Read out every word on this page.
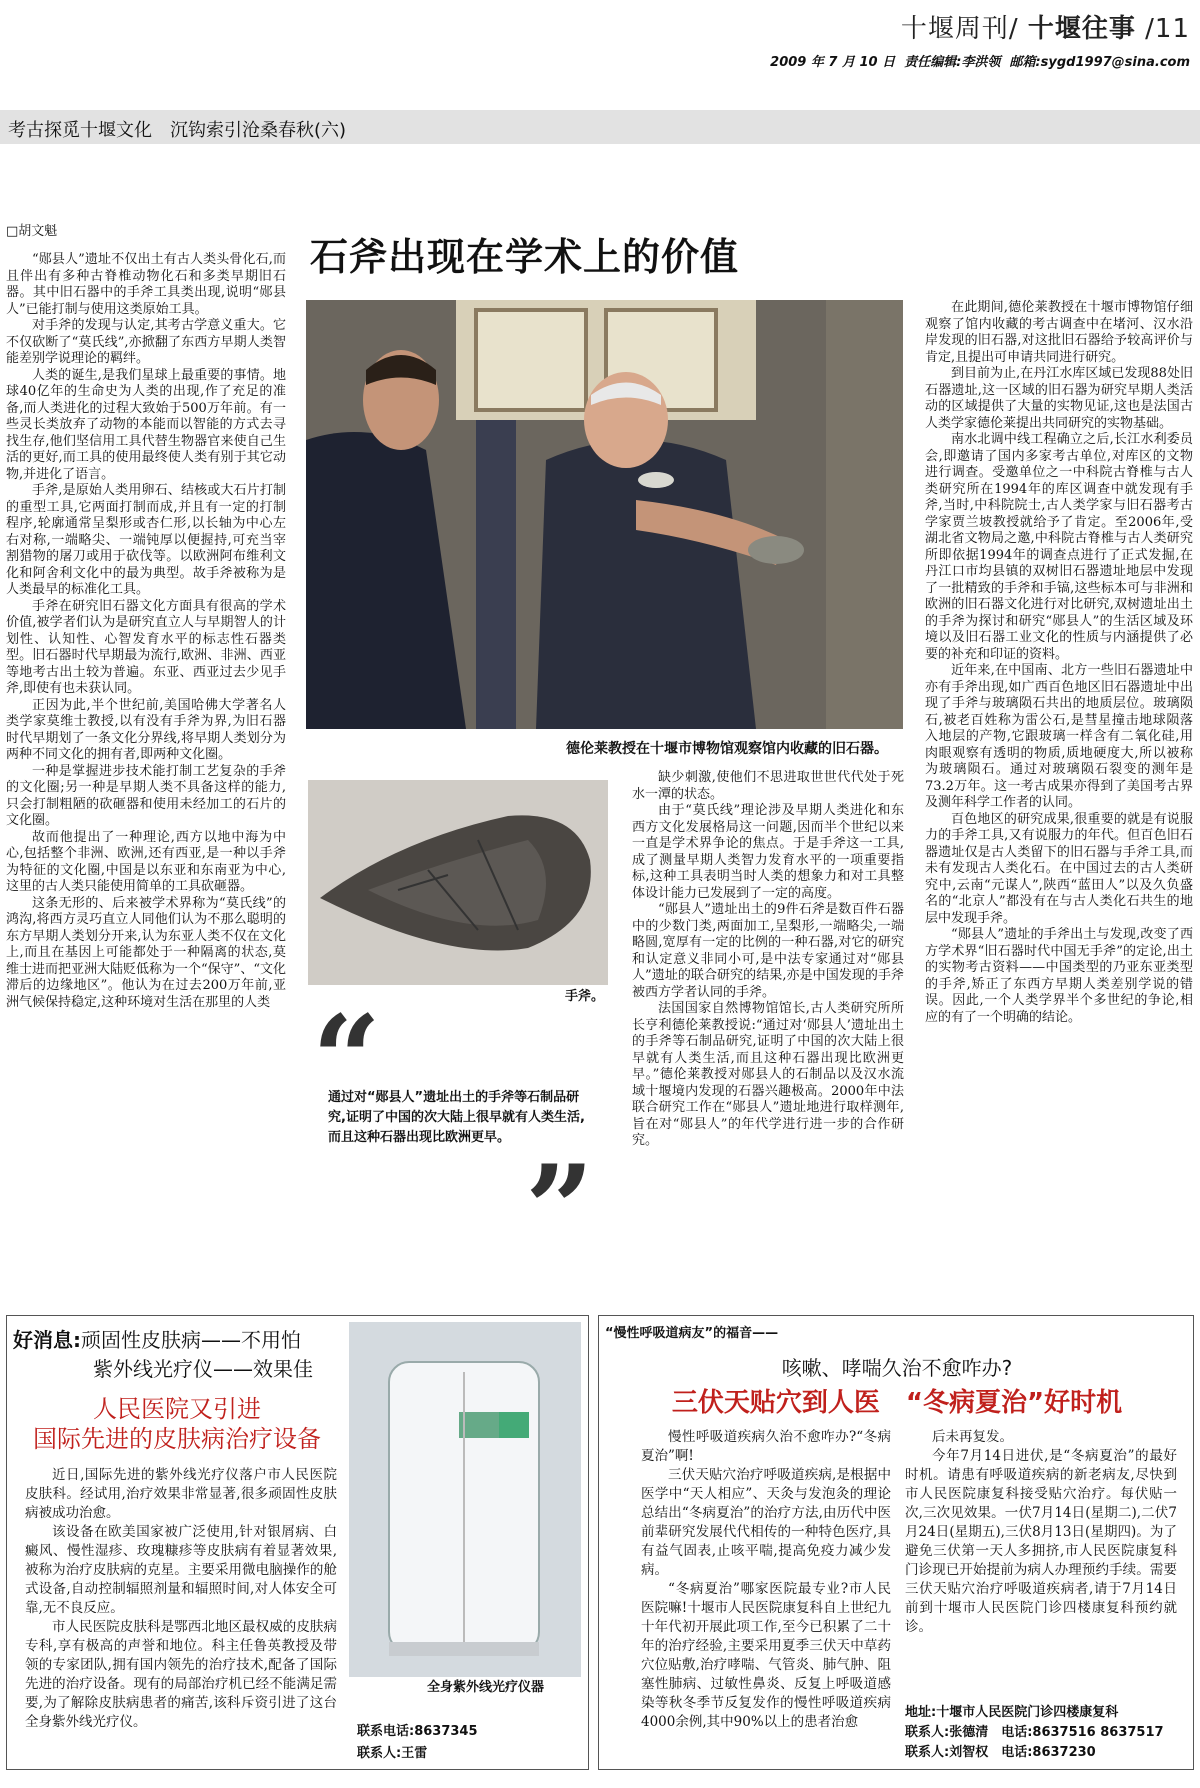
十堰周刊/ 十堰往事 /11
2009 年 7 月 10 日 责任编辑:李洪领 邮箱:sygd1997@sina.com
考古探觅十堰文化　沉钩索引沧桑春秋(六)
□胡文魁
石斧出现在学术上的价值

“郧县人”遗址不仅出土有古人类头骨化石,而且伴出有多种古脊椎动物化石和多类早期旧石器。其中旧石器中的手斧工具类出现,说明“郧县人”已能打制与使用这类原始工具。

对手斧的发现与认定,其考古学意义重大。它不仅砍断了“莫氏线”,亦掀翻了东西方早期人类智能差别学说理论的羁绊。

人类的诞生,是我们星球上最重要的事情。地球40亿年的生命史为人类的出现,作了充足的准备,而人类进化的过程大致始于500万年前。有一些灵长类放弃了动物的本能而以智能的方式去寻找生存,他们坚信用工具代替生物器官来使自己生活的更好,而工具的使用最终使人类有别于其它动物,并进化了语言。

手斧,是原始人类用卵石、结核或大石片打制的重型工具,它两面打制而成,并且有一定的打制程序,轮廓通常呈梨形或杏仁形,以长轴为中心左右对称,一端略尖、一端钝厚以便握持,可充当宰割猎物的屠刀或用于砍伐等。以欧洲阿布维利文化和阿舍利文化中的最为典型。故手斧被称为是人类最早的标准化工具。

手斧在研究旧石器文化方面具有很高的学术价值,被学者们认为是研究直立人与早期智人的计划性、认知性、心智发育水平的标志性石器类型。旧石器时代早期最为流行,欧洲、非洲、西亚等地考古出土较为普遍。东亚、西亚过去少见手斧,即使有也未获认同。

正因为此,半个世纪前,美国哈佛大学著名人类学家莫维士教授,以有没有手斧为界,为旧石器时代早期划了一条文化分界线,将早期人类划分为两种不同文化的拥有者,即两种文化圈。

一种是掌握进步技术能打制工艺复杂的手斧的文化圈;另一种是早期人类不具备这样的能力,只会打制粗陋的砍砸器和使用未经加工的石片的文化圈。

故而他提出了一种理论,西方以地中海为中心,包括整个非洲、欧洲,还有西亚,是一种以手斧为特征的文化圈,中国是以东亚和东南亚为中心,这里的古人类只能使用简单的工具砍砸器。

这条无形的、后来被学术界称为“莫氏线”的鸿沟,将西方灵巧直立人同他们认为不那么聪明的东方早期人类划分开来,认为东亚人类不仅在文化上,而且在基因上可能都处于一种隔离的状态,莫维士进而把亚洲大陆贬低称为一个“保守”、“文化滞后的边缘地区”。他认为在过去200万年前,亚洲气候保持稳定,这种环境对生活在那里的人类

德伦莱教授在十堰市博物馆观察馆内收藏的旧石器。
手斧。
“
通过对“郧县人”遗址出土的手斧等石制品研究,证明了中国的次大陆上很早就有人类生活,而且这种石器出现比欧洲更早。
”

缺少刺激,使他们不思进取世世代代处于死水一潭的状态。

由于“莫氏线”理论涉及早期人类进化和东西方文化发展格局这一问题,因而半个世纪以来一直是学术界争论的焦点。于是手斧这一工具,成了测量早期人类智力发育水平的一项重要指标,这种工具表明当时人类的想象力和对工具整体设计能力已发展到了一定的高度。

“郧县人”遗址出土的9件石斧是数百件石器中的少数门类,两面加工,呈梨形,一端略尖,一端略圆,宽厚有一定的比例的一种石器,对它的研究和认定意义非同小可,是中法专家通过对“郧县人”遗址的联合研究的结果,亦是中国发现的手斧被西方学者认同的手斧。

法国国家自然博物馆馆长,古人类研究所所长亨利德伦莱教授说:“通过对‘郧县人’遗址出土的手斧等石制品研究,证明了中国的次大陆上很早就有人类生活,而且这种石器出现比欧洲更早。”德伦莱教授对郧县人的石制品以及汉水流域十堰境内发现的石器兴趣极高。2000年中法联合研究工作在“郧县人”遗址地进行取样测年,旨在对“郧县人”的年代学进行进一步的合作研究。

在此期间,德伦莱教授在十堰市博物馆仔细观察了馆内收藏的考古调查中在堵河、汉水沿岸发现的旧石器,对这批旧石器给予较高评价与肯定,且提出可申请共同进行研究。

到目前为止,在丹江水库区域已发现88处旧石器遗址,这一区域的旧石器为研究早期人类活动的区域提供了大量的实物见证,这也是法国古人类学家德伦莱提出共同研究的实物基础。

南水北调中线工程确立之后,长江水利委员会,即邀请了国内多家考古单位,对库区的文物进行调查。受邀单位之一中科院古脊椎与古人类研究所在1994年的库区调查中就发现有手斧,当时,中科院院士,古人类学家与旧石器考古学家贾兰坡教授就给予了肯定。至2006年,受湖北省文物局之邀,中科院古脊椎与古人类研究所即依据1994年的调查点进行了正式发掘,在丹江口市均县镇的双树旧石器遗址地层中发现了一批精致的手斧和手镐,这些标本可与非洲和欧洲的旧石器文化进行对比研究,双树遗址出土的手斧为探讨和研究“郧县人”的生活区域及环境以及旧石器工业文化的性质与内涵提供了必要的补充和印证的资料。

近年来,在中国南、北方一些旧石器遗址中亦有手斧出现,如广西百色地区旧石器遗址中出现了手斧与玻璃陨石共出的地质层位。玻璃陨石,被老百姓称为雷公石,是彗星撞击地球陨落入地层的产物,它跟玻璃一样含有二氧化硅,用肉眼观察有透明的物质,质地硬度大,所以被称为玻璃陨石。通过对玻璃陨石裂变的测年是73.2万年。这一考古成果亦得到了美国考古界及测年科学工作者的认同。

百色地区的研究成果,很重要的就是有说服力的手斧工具,又有说服力的年代。但百色旧石器遗址仅是古人类留下的旧石器与手斧工具,而未有发现古人类化石。在中国过去的古人类研究中,云南“元谋人”,陕西“蓝田人”以及久负盛名的“北京人”都没有在与古人类化石共生的地层中发现手斧。

“郧县人”遗址的手斧出土与发现,改变了西方学术界“旧石器时代中国无手斧”的定论,出土的实物考古资料——中国类型的乃亚东亚类型的手斧,矫正了东西方早期人类差别学说的错误。因此,一个人类学界半个多世纪的争论,相应的有了一个明确的结论。

好消息:顽固性皮肤病——不用怕
紫外线光疗仪——效果佳
人民医院又引进
国际先进的皮肤病治疗设备

近日,国际先进的紫外线光疗仪落户市人民医院皮肤科。经试用,治疗效果非常显著,很多顽固性皮肤病被成功治愈。

该设备在欧美国家被广泛使用,针对银屑病、白癜风、慢性湿疹、玫瑰糠疹等皮肤病有着显著效果,被称为治疗皮肤病的克星。主要采用微电脑操作的舱式设备,自动控制辐照剂量和辐照时间,对人体安全可靠,无不良反应。

市人民医院皮肤科是鄂西北地区最权威的皮肤病专科,享有极高的声誉和地位。科主任鲁英教授及带领的专家团队,拥有国内领先的治疗技术,配备了国际先进的治疗设备。现有的局部治疗机已经不能满足需要,为了解除皮肤病患者的痛苦,该科斥资引进了这台全身紫外线光疗仪。

全身紫外线光疗仪器
联系电话:8637345
联系人:王雷
“慢性呼吸道病友”的福音——
咳嗽、哮喘久治不愈咋办?
三伏天贴穴到人医　“冬病夏治”好时机

慢性呼吸道疾病久治不愈咋办?“冬病夏治”啊!

三伏天贴穴治疗呼吸道疾病,是根据中医学中“天人相应”、天灸与发泡灸的理论总结出“冬病夏治”的治疗方法,由历代中医前辈研究发展代代相传的一种特色医疗,具有益气固表,止咳平喘,提高免疫力减少发病。

“冬病夏治”哪家医院最专业?市人民医院嘛!十堰市人民医院康复科自上世纪九十年代初开展此项工作,至今已积累了二十年的治疗经验,主要采用夏季三伏天中草药穴位贴敷,治疗哮喘、气管炎、肺气肿、阻塞性肺病、过敏性鼻炎、反复上呼吸道感染等秋冬季节反复发作的慢性呼吸道疾病4000余例,其中90%以上的患者治愈

后未再复发。

今年7月14日进伏,是“冬病夏治”的最好时机。请患有呼吸道疾病的新老病友,尽快到市人民医院康复科接受贴穴治疗。每伏贴一次,三次见效果。一伏7月14日(星期二),二伏7月24日(星期五),三伏8月13日(星期四)。为了避免三伏第一天人多拥挤,市人民医院康复科门诊现已开始提前为病人办理预约手续。需要三伏天贴穴治疗呼吸道疾病者,请于7月14日前到十堰市人民医院门诊四楼康复科预约就诊。

地址:十堰市人民医院门诊四楼康复科
联系人:张德清　电话:8637516 8637517
联系人:刘智权　电话:8637230
